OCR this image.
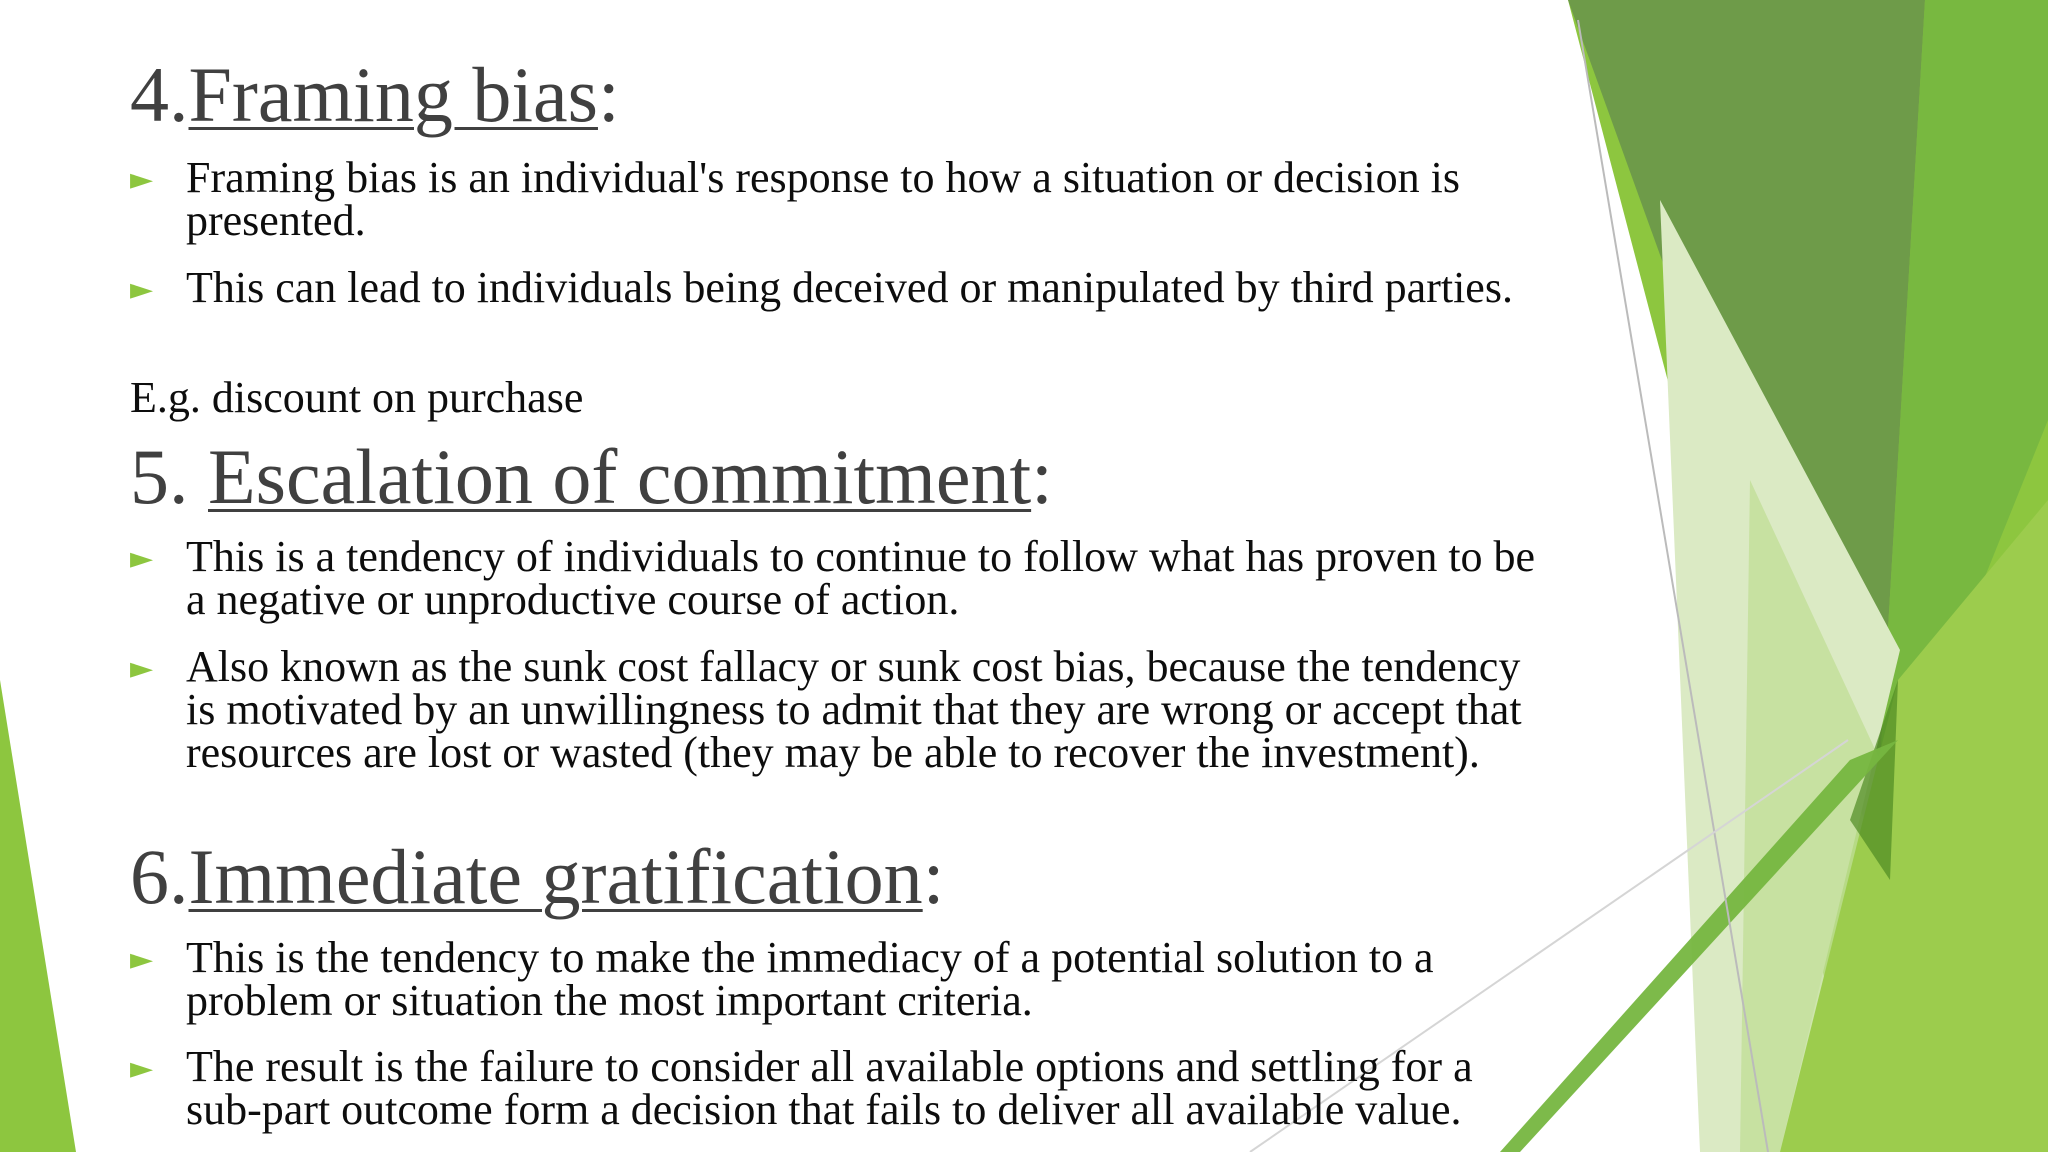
4.Framing bias:
► Framing bias is an individual's response to how a situation or decision is presented.
► This can lead to individuals being deceived or manipulated by third parties.

E.g. discount on purchase

5. Escalation of commitment:
► This is a tendency of individuals to continue to follow what has proven to be a negative or unproductive course of action.
► Also known as the sunk cost fallacy or sunk cost bias, because the tendency is motivated by an unwillingness to admit that they are wrong or accept that resources are lost or wasted (they may be able to recover the investment).
6.Immediate gratification:
► This is the tendency to make the immediacy of a potential solution to a problem or situation the most important criteria.
► The result is the failure to consider all available options and settling for a sub-part outcome form a decision that fails to deliver all available value.
